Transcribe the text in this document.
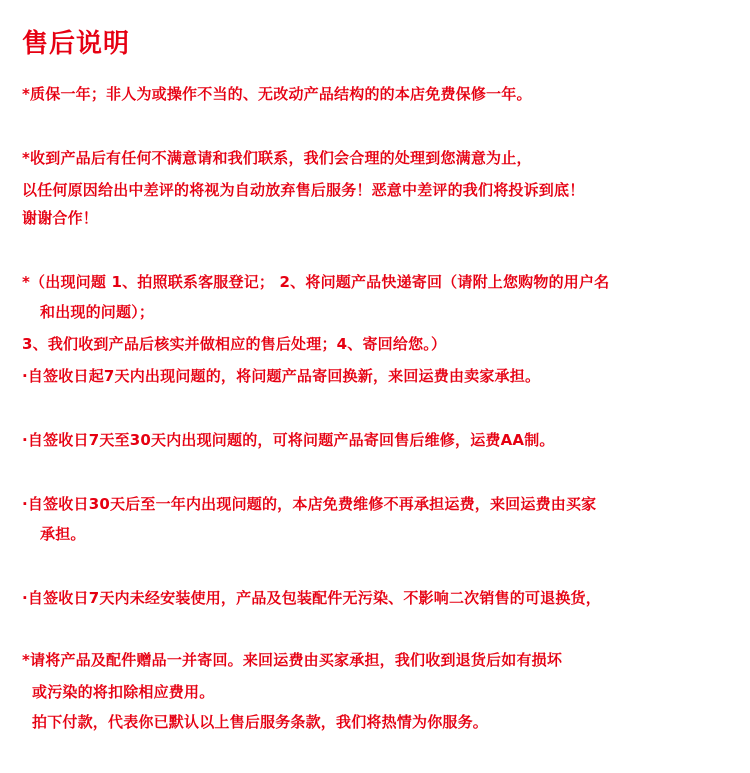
售后说明
*质保一年；非人为或操作不当的、无改动产品结构的的本店免费保修一年。
*收到产品后有任何不满意请和我们联系，我们会合理的处理到您满意为止，
以任何原因给出中差评的将视为自动放弃售后服务！恶意中差评的我们将投诉到底！
谢谢合作！
*（出现问题 1、拍照联系客服登记； 2、将问题产品快递寄回（请附上您购物的用户名
和出现的问题）；
3、我们收到产品后核实并做相应的售后处理；4、寄回给您。）
·自签收日起7天内出现问题的，将问题产品寄回换新，来回运费由卖家承担。
·自签收日7天至30天内出现问题的，可将问题产品寄回售后维修，运费AA制。
·自签收日30天后至一年内出现问题的，本店免费维修不再承担运费，来回运费由买家
承担。
·自签收日7天内未经安装使用，产品及包装配件无污染、不影响二次销售的可退换货，
*请将产品及配件赠品一并寄回。来回运费由买家承担，我们收到退货后如有损坏
或污染的将扣除相应费用。
拍下付款，代表你已默认以上售后服务条款，我们将热情为你服务。
